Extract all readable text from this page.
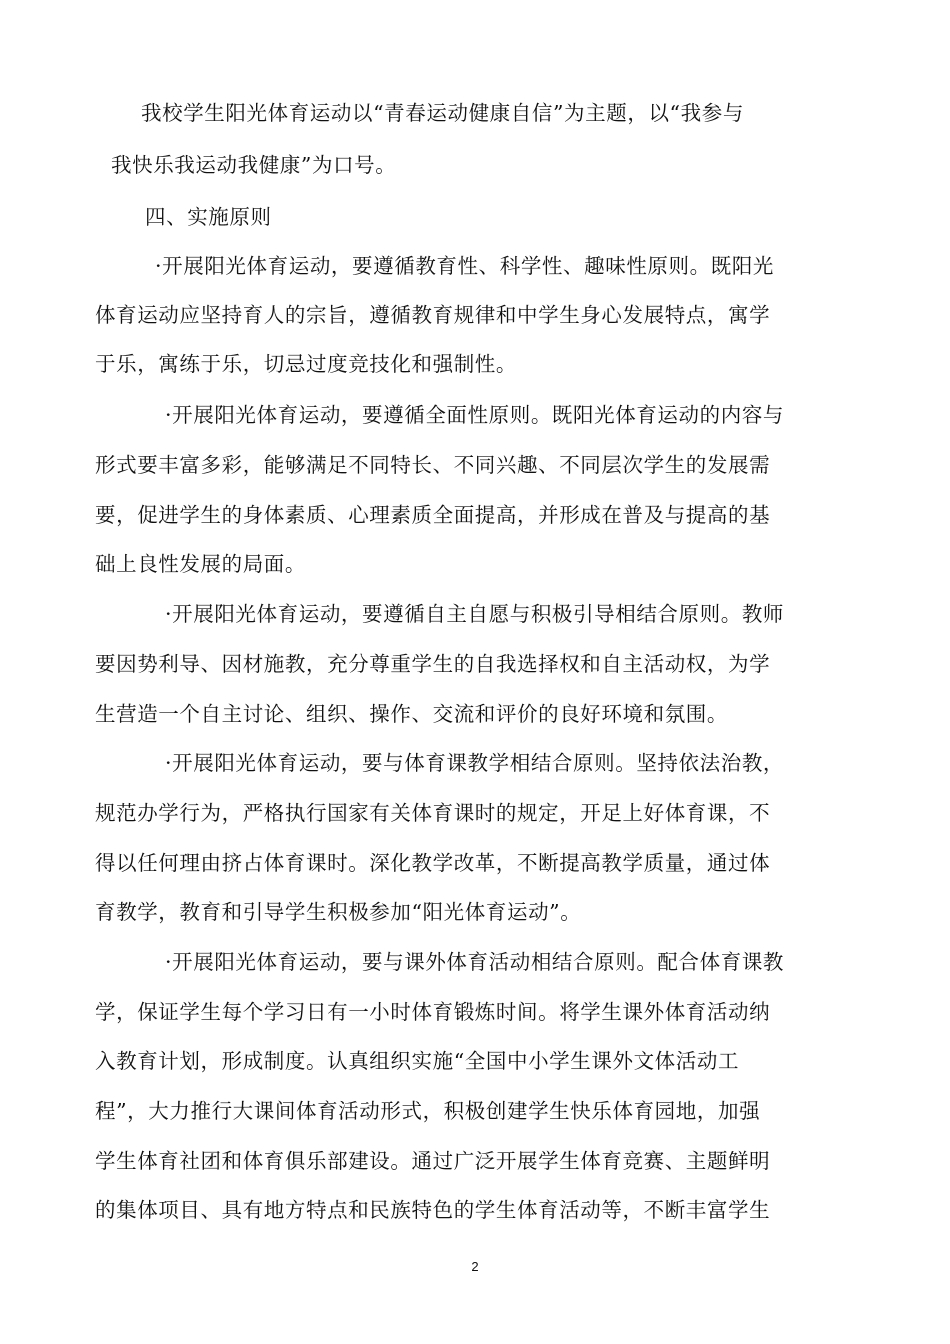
我校学生阳光体育运动以“青春运动健康自信”为主题，以“我参与
我快乐我运动我健康”为口号。
四、实施原则
·开展阳光体育运动，要遵循教育性、科学性、趣味性原则。既阳光
体育运动应坚持育人的宗旨，遵循教育规律和中学生身心发展特点，寓学
于乐，寓练于乐，切忌过度竞技化和强制性。
·开展阳光体育运动，要遵循全面性原则。既阳光体育运动的内容与
形式要丰富多彩，能够满足不同特长、不同兴趣、不同层次学生的发展需
要，促进学生的身体素质、心理素质全面提高，并形成在普及与提高的基
础上良性发展的局面。
·开展阳光体育运动，要遵循自主自愿与积极引导相结合原则。教师
要因势利导、因材施教，充分尊重学生的自我选择权和自主活动权，为学
生营造一个自主讨论、组织、操作、交流和评价的良好环境和氛围。
·开展阳光体育运动，要与体育课教学相结合原则。坚持依法治教，
规范办学行为，严格执行国家有关体育课时的规定，开足上好体育课，不
得以任何理由挤占体育课时。深化教学改革，不断提高教学质量，通过体
育教学，教育和引导学生积极参加“阳光体育运动”。
·开展阳光体育运动，要与课外体育活动相结合原则。配合体育课教
学，保证学生每个学习日有一小时体育锻炼时间。将学生课外体育活动纳
入教育计划，形成制度。认真组织实施“全国中小学生课外文体活动工
程”，大力推行大课间体育活动形式，积极创建学生快乐体育园地，加强
学生体育社团和体育俱乐部建设。通过广泛开展学生体育竞赛、主题鲜明
的集体项目、具有地方特点和民族特色的学生体育活动等，不断丰富学生
2
